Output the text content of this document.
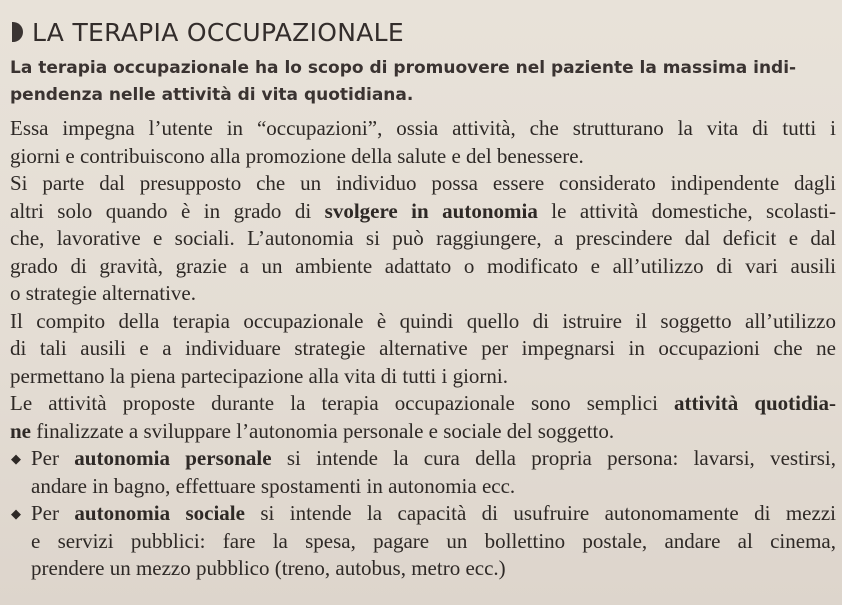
LA TERAPIA OCCUPAZIONALE
La terapia occupazionale ha lo scopo di promuovere nel paziente la massima indi-
pendenza nelle attività di vita quotidiana.
Essa impegna l’utente in “occupazioni”, ossia attività, che strutturano la vita di tutti i
giorni e contribuiscono alla promozione della salute e del benessere.
Si parte dal presupposto che un individuo possa essere considerato indipendente dagli
altri solo quando è in grado di svolgere in autonomia le attività domestiche, scolasti-
che, lavorative e sociali. L’autonomia si può raggiungere, a prescindere dal deficit e dal
grado di gravità, grazie a un ambiente adattato o modificato e all’utilizzo di vari ausili
o strategie alternative.
Il compito della terapia occupazionale è quindi quello di istruire il soggetto all’utilizzo
di tali ausili e a individuare strategie alternative per impegnarsi in occupazioni che ne
permettano la piena partecipazione alla vita di tutti i giorni.
Le attività proposte durante la terapia occupazionale sono semplici attività quotidia-
ne finalizzate a sviluppare l’autonomia personale e sociale del soggetto.
◆ Per autonomia personale si intende la cura della propria persona: lavarsi, vestirsi,
andare in bagno, effettuare spostamenti in autonomia ecc.
◆ Per autonomia sociale si intende la capacità di usufruire autonomamente di mezzi
e servizi pubblici: fare la spesa, pagare un bollettino postale, andare al cinema,
prendere un mezzo pubblico (treno, autobus, metro ecc.)
